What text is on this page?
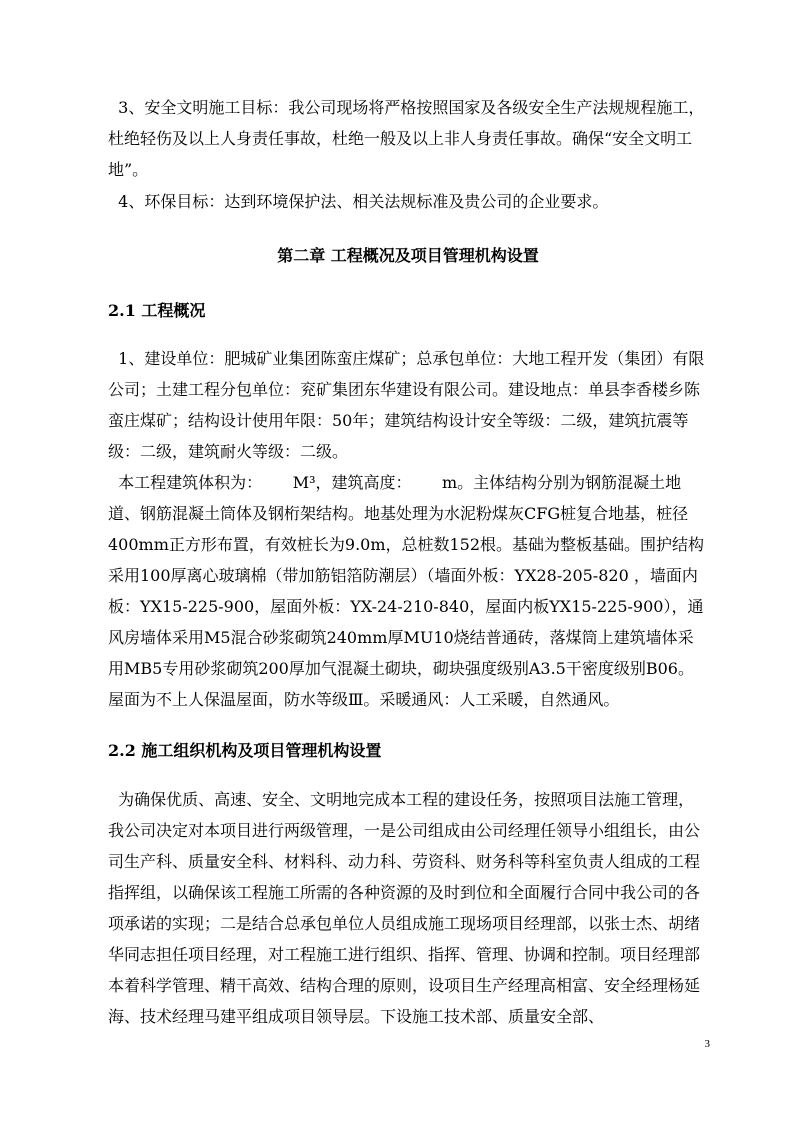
3、安全文明施工目标：我公司现场将严格按照国家及各级安全生产法规规程施工，杜绝轻伤及以上人身责任事故，杜绝一般及以上非人身责任事故。确保“安全文明工地”。

4、环保目标：达到环境保护法、相关法规标准及贵公司的企业要求。

第二章 工程概况及项目管理机构设置
2.1 工程概况

1、建设单位：肥城矿业集团陈蛮庄煤矿；总承包单位：大地工程开发（集团）有限公司；土建工程分包单位：兖矿集团东华建设有限公司。建设地点：单县李香楼乡陈蛮庄煤矿；结构设计使用年限：50年；建筑结构设计安全等级：二级，建筑抗震等级：二级，建筑耐火等级：二级。

本工程建筑体积为：      M³，建筑高度：      m。主体结构分别为钢筋混凝土地道、钢筋混凝土筒体及钢桁架结构。地基处理为水泥粉煤灰CFG桩复合地基，桩径400mm正方形布置，有效桩长为9.0m，总桩数152根。基础为整板基础。围护结构采用100厚离心玻璃棉（带加筋铝箔防潮层）（墙面外板：YX28-205-820 ，墙面内板：YX15-225-900，屋面外板：YX-24-210-840，屋面内板YX15-225-900），通风房墙体采用M5混合砂浆砌筑240mm厚MU10烧结普通砖，落煤筒上建筑墙体采用MB5专用砂浆砌筑200厚加气混凝土砌块，砌块强度级别A3.5干密度级别B06。屋面为不上人保温屋面，防水等级Ⅲ。采暖通风：人工采暖，自然通风。

2.2 施工组织机构及项目管理机构设置

为确保优质、高速、安全、文明地完成本工程的建设任务，按照项目法施工管理，我公司决定对本项目进行两级管理，一是公司组成由公司经理任领导小组组长，由公司生产科、质量安全科、材料科、动力科、劳资科、财务科等科室负责人组成的工程指挥组，以确保该工程施工所需的各种资源的及时到位和全面履行合同中我公司的各项承诺的实现；二是结合总承包单位人员组成施工现场项目经理部，以张士杰、胡绪华同志担任项目经理，对工程施工进行组织、指挥、管理、协调和控制。项目经理部本着科学管理、精干高效、结构合理的原则，设项目生产经理高相富、安全经理杨延海、技术经理马建平组成项目领导层。下设施工技术部、质量安全部、

3
